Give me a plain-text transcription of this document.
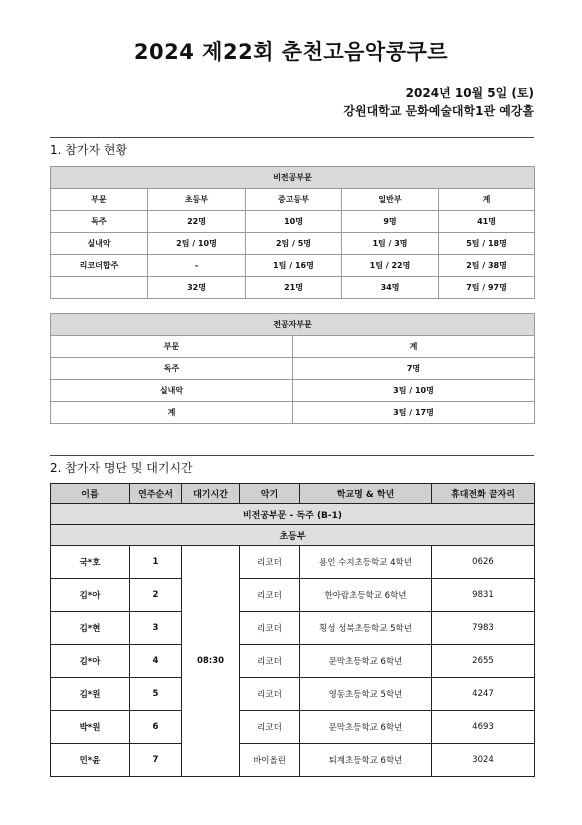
2024 제22회 춘천고음악콩쿠르
2024년 10월 5일 (토)
강원대학교 문화예술대학1관 예강홀
1. 참가자 현황
비전공부문				
부문	초등부	중고등부	일반부	계
독주	22명	10명	9명	41명
실내악	2팀 / 10명	2팀 / 5명	1팀 / 3명	5팀 / 18명
리코더합주	-	1팀 / 16명	1팀 / 22명	2팀 / 38명
	32명	21명	34명	7팀 / 97명
전공자부문	
부문	계
독주	7명
실내악	3팀 / 10명
계	3팀 / 17명
2. 참가자 명단 및 대기시간
이름	연주순서	대기시간	악기	학교명 & 학년	휴대전화 끝자리
비전공부문 - 독주 (B-1)					
초등부					
국*호	1	08:30	리코더	용인 수지초등학교 4학년	0626
김*아	2		리코더	한아람초등학교 6학년	9831
김*현	3		리코더	횡성 성북초등학교 5학년	7983
김*아	4		리코더	문막초등학교 6학년	2655
김*원	5		리코더	영동초등학교 5학년	4247
박*원	6		리코더	문막초등학교 6학년	4693
민*윤	7		바이올린	퇴계초등학교 6학년	3024
